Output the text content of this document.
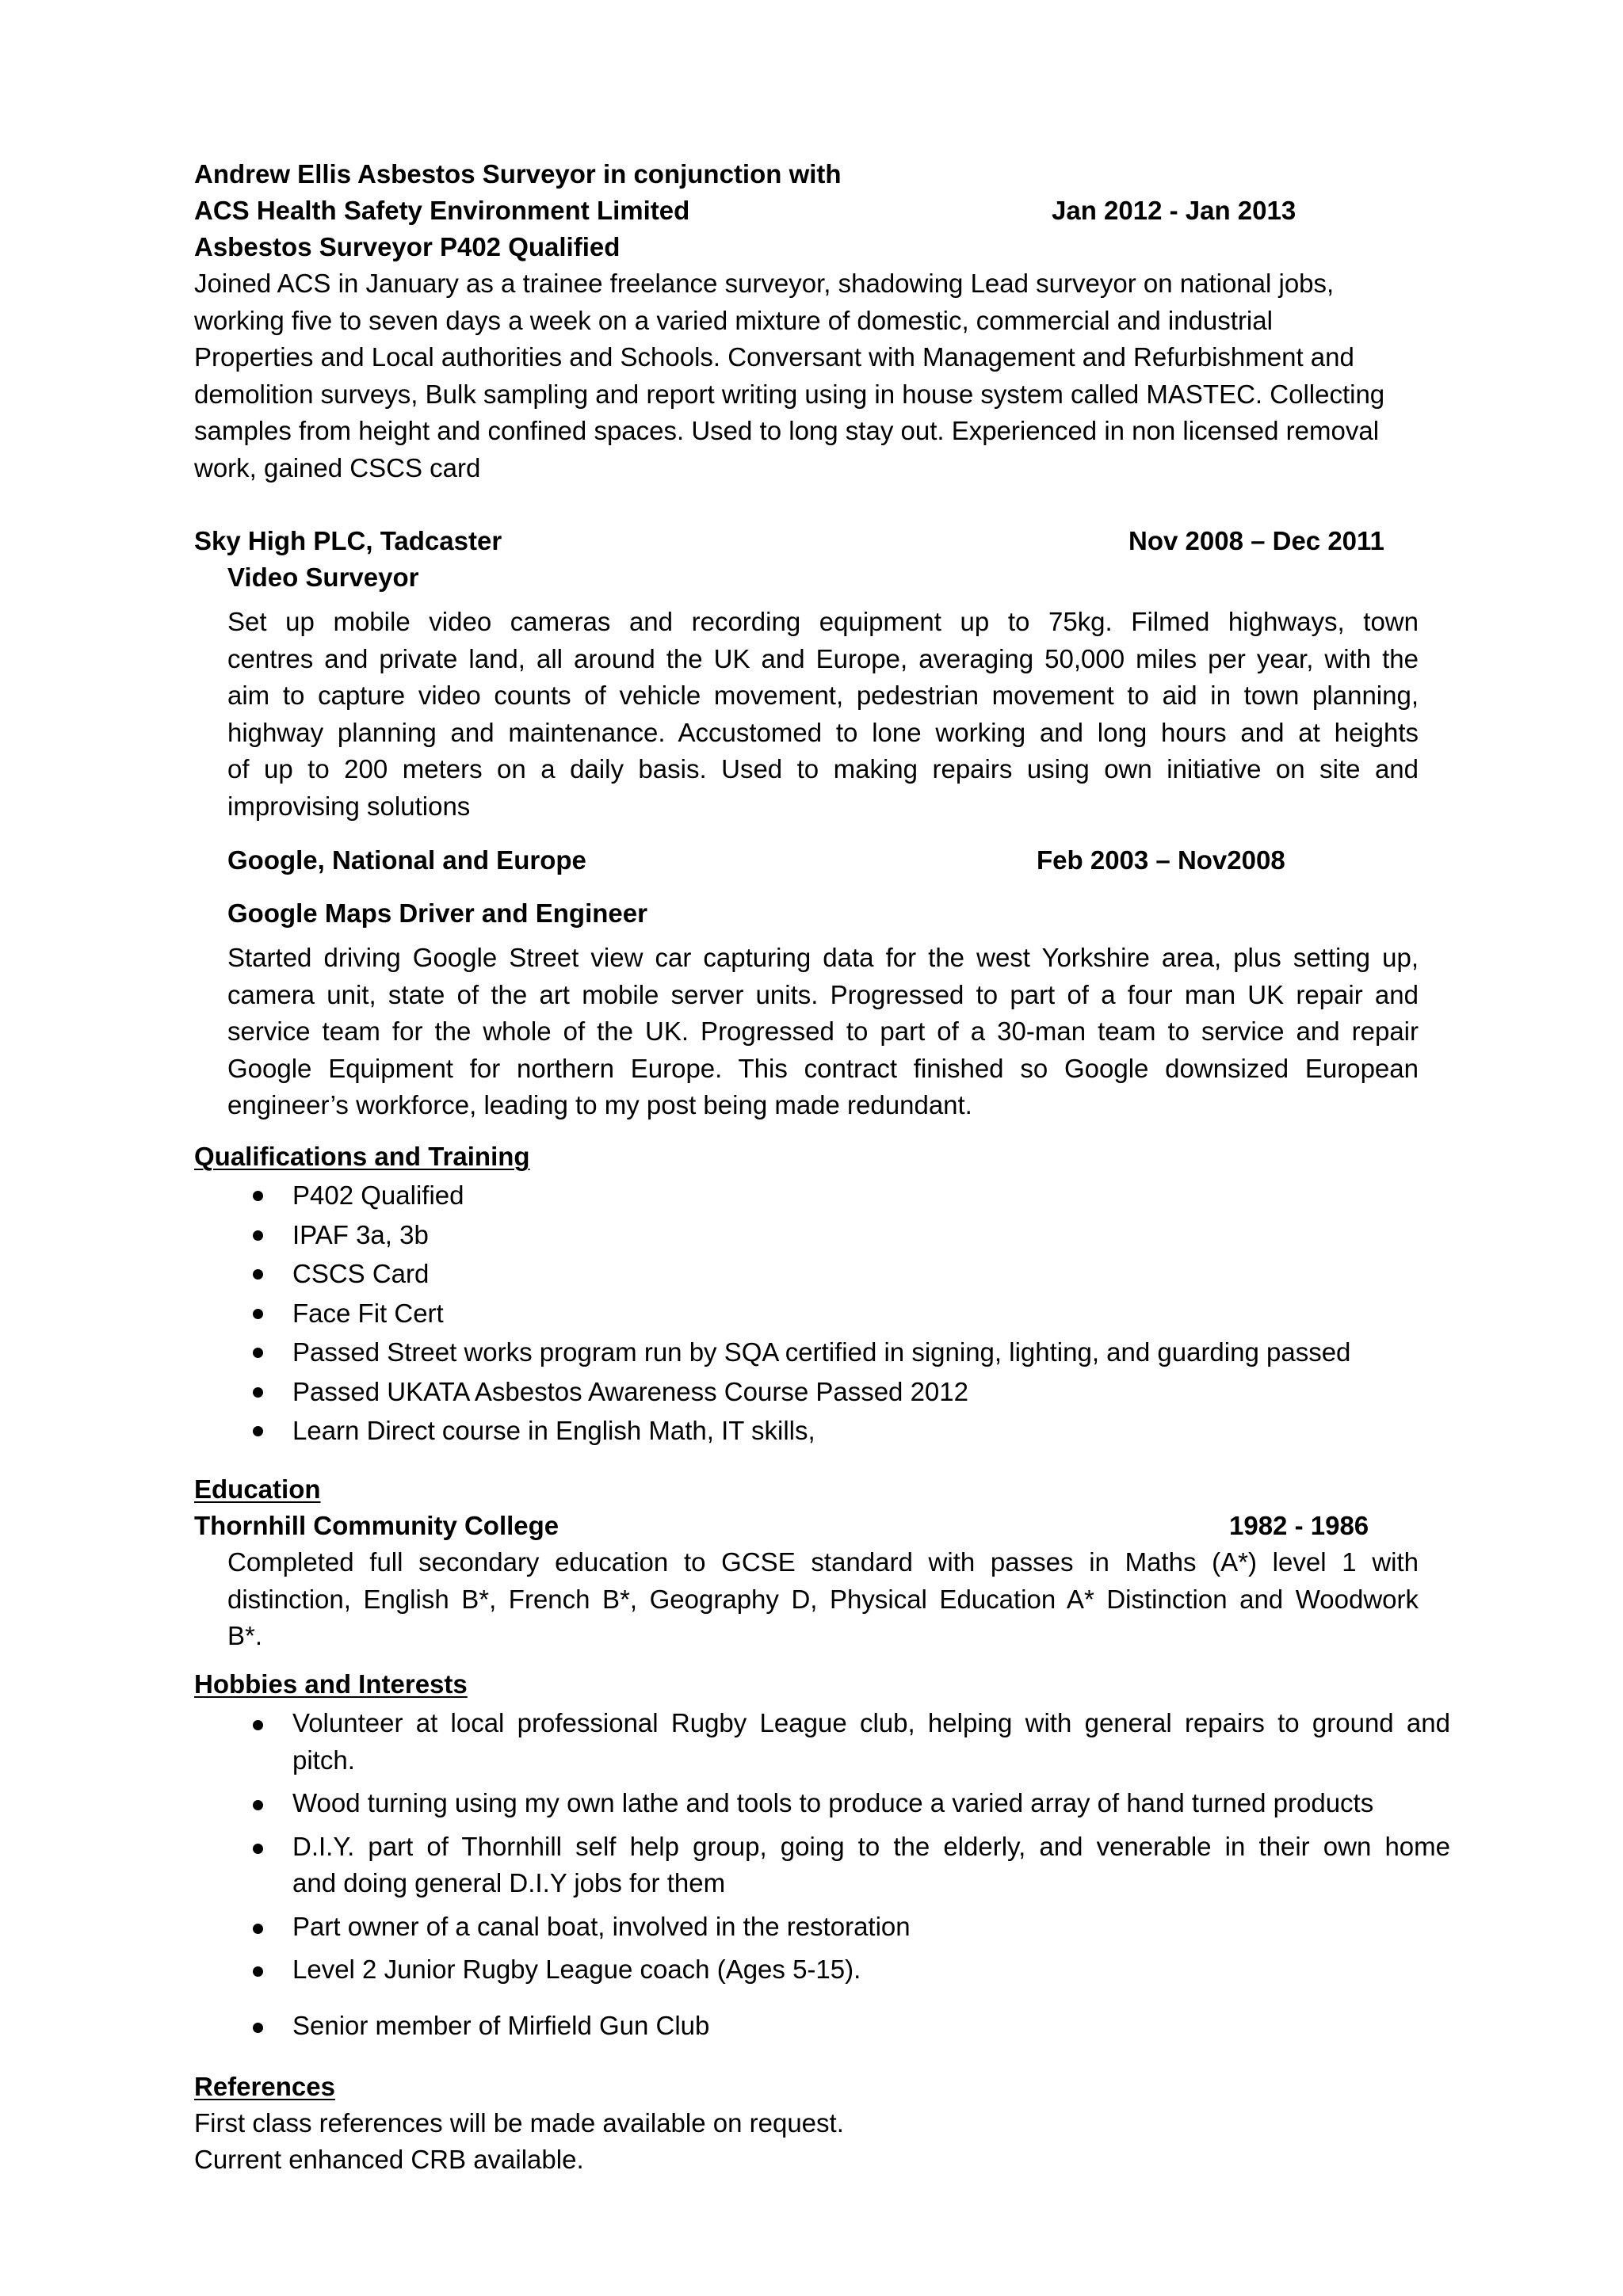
Andrew Ellis Asbestos Surveyor in conjunction with
ACS Health Safety Environment Limited	Jan 2012 - Jan 2013
Asbestos Surveyor P402 Qualified
Joined ACS in January as a trainee freelance surveyor, shadowing Lead surveyor on national jobs,
working five to seven days a week on a varied mixture of domestic, commercial and industrial
Properties and Local authorities and Schools. Conversant with Management and Refurbishment and
demolition surveys, Bulk sampling and report writing using in house system called MASTEC. Collecting
samples from height and confined spaces. Used to long stay out. Experienced in non licensed removal
work, gained CSCS card
Sky High PLC, Tadcaster	Nov 2008 – Dec 2011
Video Surveyor
Set up mobile video cameras and recording equipment up to 75kg. Filmed highways, town
centres and private land, all around the UK and Europe, averaging 50,000 miles per year, with the
aim to capture video counts of vehicle movement, pedestrian movement to aid in town planning,
highway planning and maintenance. Accustomed to lone working and long hours and at heights
of up to 200 meters on a daily basis. Used to making repairs using own initiative on site and
improvising solutions
Google, National and Europe	Feb 2003 – Nov2008
Google Maps Driver and Engineer
Started driving Google Street view car capturing data for the west Yorkshire area, plus setting up,
camera unit, state of the art mobile server units. Progressed to part of a four man UK repair and
service team for the whole of the UK. Progressed to part of a 30-man team to service and repair
Google Equipment for northern Europe. This contract finished so Google downsized European
engineer’s workforce, leading to my post being made redundant.
Qualifications and Training
P402 Qualified
IPAF 3a, 3b
CSCS Card
Face Fit Cert
Passed Street works program run by SQA certified in signing, lighting, and guarding passed
Passed UKATA Asbestos Awareness Course Passed 2012
Learn Direct course in English Math, IT skills,
Education
Thornhill Community College	1982 - 1986
Completed full secondary education to GCSE standard with passes in Maths (A*) level 1 with
distinction, English B*, French B*, Geography D, Physical Education A* Distinction and Woodwork
B*.
Hobbies and Interests
Volunteer at local professional Rugby League club, helping with general repairs to ground and
pitch.
Wood turning using my own lathe and tools to produce a varied array of hand turned products
D.I.Y. part of Thornhill self help group, going to the elderly, and venerable in their own home
and doing general D.I.Y jobs for them
Part owner of a canal boat, involved in the restoration
Level 2 Junior Rugby League coach (Ages 5-15).
Senior member of Mirfield Gun Club
References
First class references will be made available on request.
Current enhanced CRB available.
